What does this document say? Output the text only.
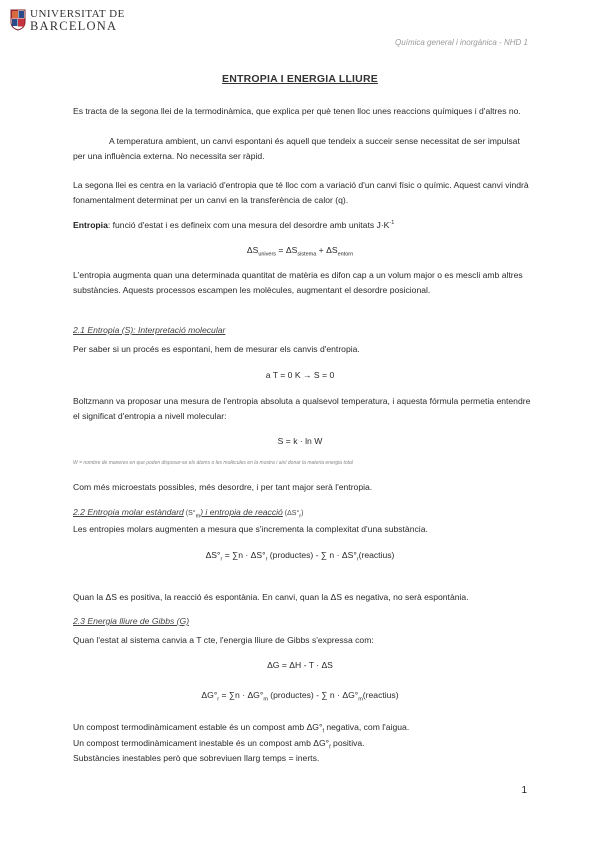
UNIVERSITAT DE
BARCELONA
Química general i inorgànica - NHD 1
ENTROPIA I ENERGIA LLIURE
Es tracta de la segona llei de la termodinàmica, que explica per què tenen lloc unes reaccions químiques i d'altres no.
A temperatura ambient, un canvi espontani és aquell que tendeix a succeir sense necessitat de ser impulsat per una influència externa. No necessita ser ràpid.
La segona llei es centra en la variació d'entropia que té lloc com a variació d'un canvi físic o químic. Aquest canvi vindrà fonamentalment determinat per un canvi en la transferència de calor (q).
Entropia: funció d'estat i es defineix com una mesura del desordre amb unitats $J\cdot K^{-1}$
$\Delta S_{univers} = \Delta S_{sistema} + \Delta S_{entorn}$
L'entropia augmenta quan una determinada quantitat de matèria es difon cap a un volum major o es mescli amb altres substàncies. Aquests processos escampen les molècules, augmentant el desordre posicional.
2.1 Entropia (S): Interpretació molecular
Per saber si un procés es espontani, hem de mesurar els canvis d'entropia.
a T = 0 K → S = 0
Boltzmann va proposar una mesura de l'entropia absoluta a qualsevol temperatura, i aquesta fórmula permetia entendre el significat d'entropia a nivell molecular:
S = k · ln W
W = nombre de maneres en que poden disposar-se els àtoms o les molècules en la mostra i així donar la materia energia total
Com més microestats possibles, més desordre, i per tant major serà l'entropia.
2.2 Entropia molar estàndard $(S^\circ_m)$ i entropia de reacció $(\Delta S^\circ_r)$
Les entropies molars augmenten a mesura que s'incrementa la complexitat d'una substància.
$\Delta S^\circ_r = \sum n \cdot \Delta S^\circ_r$ (productes) - ∑ $n \cdot \Delta S^\circ_r(reactius)$
Quan la ΔS es positiva, la reacció és espontània. En canvi, quan la ΔS es negativa, no serà espontània.
2.3 Energia lliure de Gibbs (G)
Quan l'estat al sistema canvia a T cte, l'energia lliure de Gibbs s'expressa com:
ΔG = ΔH - T · ΔS
$\Delta G^\circ_r = \sum n \cdot \Delta G^\circ_m$ (productes) - ∑ $n \cdot \Delta G^\circ_m(reactius)$
Un compost termodinàmicament estable és un compost amb $\Delta G^\circ_f$ negativa, com l'aigua.
Un compost termodinàmicament inestable és un compost amb $\Delta G^\circ_f$ positiva.
Substàncies inestables però que sobreviuen llarg temps = inerts.
1
